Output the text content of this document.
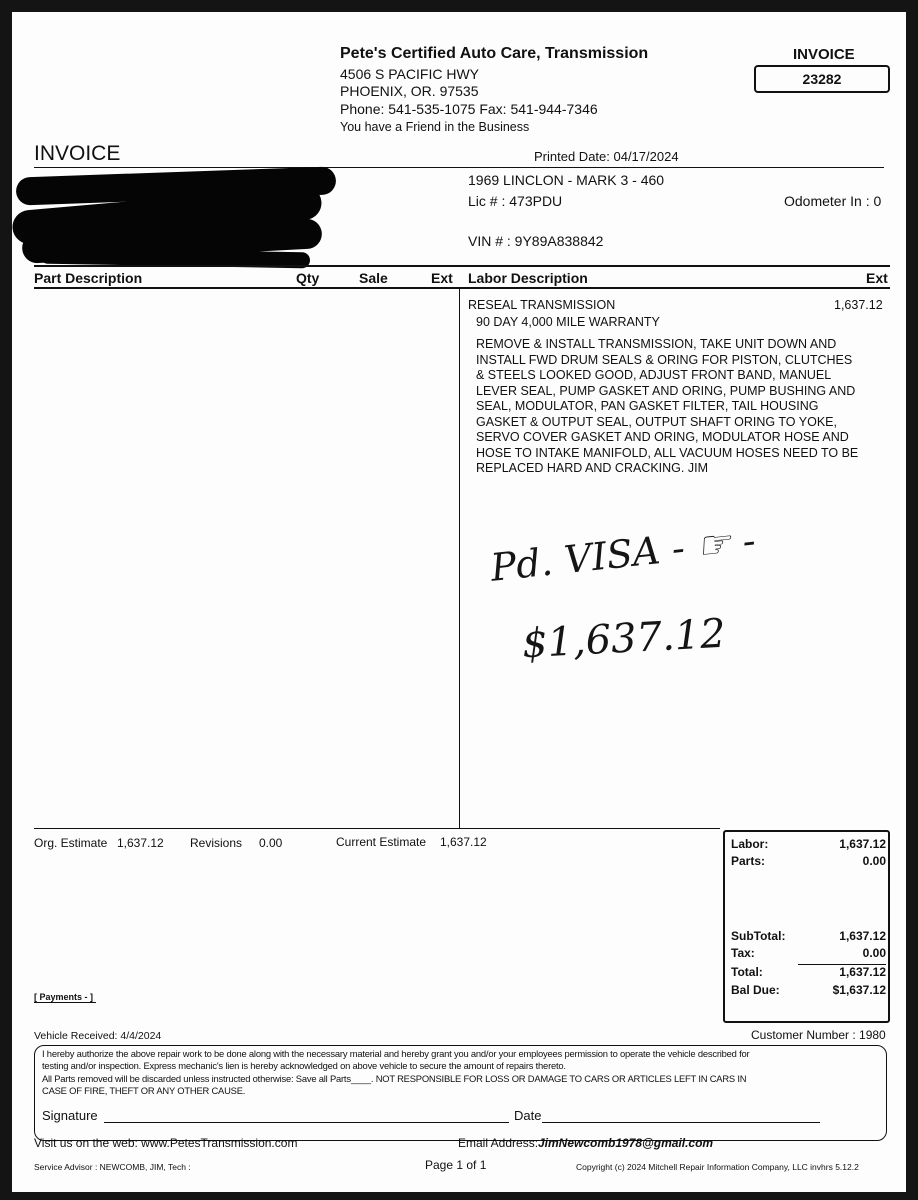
Pete's Certified Auto Care, Transmission
4506 S PACIFIC HWY
PHOENIX, OR. 97535
Phone: 541-535-1075 Fax: 541-944-7346
You have a Friend in the Business
INVOICE
23282
INVOICE	Printed Date: 04/17/2024
1969 LINCLON - MARK 3 - 460
Lic # : 473PDU	Odometer In : 0
VIN # : 9Y89A838842
Part Description	Qty	Sale	Ext Labor Description	Ext
RESEAL TRANSMISSION	1,637.12
90 DAY 4,000 MILE WARRANTY
REMOVE & INSTALL TRANSMISSION, TAKE UNIT DOWN AND
INSTALL FWD DRUM SEALS & ORING FOR PISTON, CLUTCHES
& STEELS LOOKED GOOD, ADJUST FRONT BAND, MANUEL
LEVER SEAL, PUMP GASKET AND ORING, PUMP BUSHING AND
SEAL, MODULATOR, PAN GASKET FILTER, TAIL HOUSING
GASKET & OUTPUT SEAL, OUTPUT SHAFT ORING TO YOKE,
SERVO COVER GASKET AND ORING, MODULATOR HOSE AND
HOSE TO INTAKE MANIFOLD, ALL VACUUM HOSES NEED TO BE
REPLACED HARD AND CRACKING. JIM
Pd. VISA - ☞ -
$1,637.12
Org. Estimate 1,637.12 Revisions 0.00	Current Estimate 1,637.12
[ Payments - ]
Labor:	1,637.12
Parts:	0.00
SubTotal:	1,637.12
Tax:	0.00
Total:	1,637.12
Bal Due:	$1,637.12
Vehicle Received: 4/4/2024	Customer Number : 1980
I hereby authorize the above repair work to be done along with the necessary material and hereby grant you and/or your employees permission to operate the vehicle described for
testing and/or inspection. Express mechanic's lien is hereby acknowledged on above vehicle to secure the amount of repairs thereto.
All Parts removed will be discarded unless instructed otherwise: Save all Parts____. NOT RESPONSIBLE FOR LOSS OR DAMAGE TO CARS OR ARTICLES LEFT IN CARS IN
CASE OF FIRE, THEFT OR ANY OTHER CAUSE.
Signature	Date
Visit us on the web: www.PetesTransmission.com	Email Address: JimNewcomb1978@gmail.com
Service Advisor : NEWCOMB, JIM, Tech :	Page 1 of 1	Copyright (c) 2024 Mitchell Repair Information Company, LLC invhrs 5.12.2
